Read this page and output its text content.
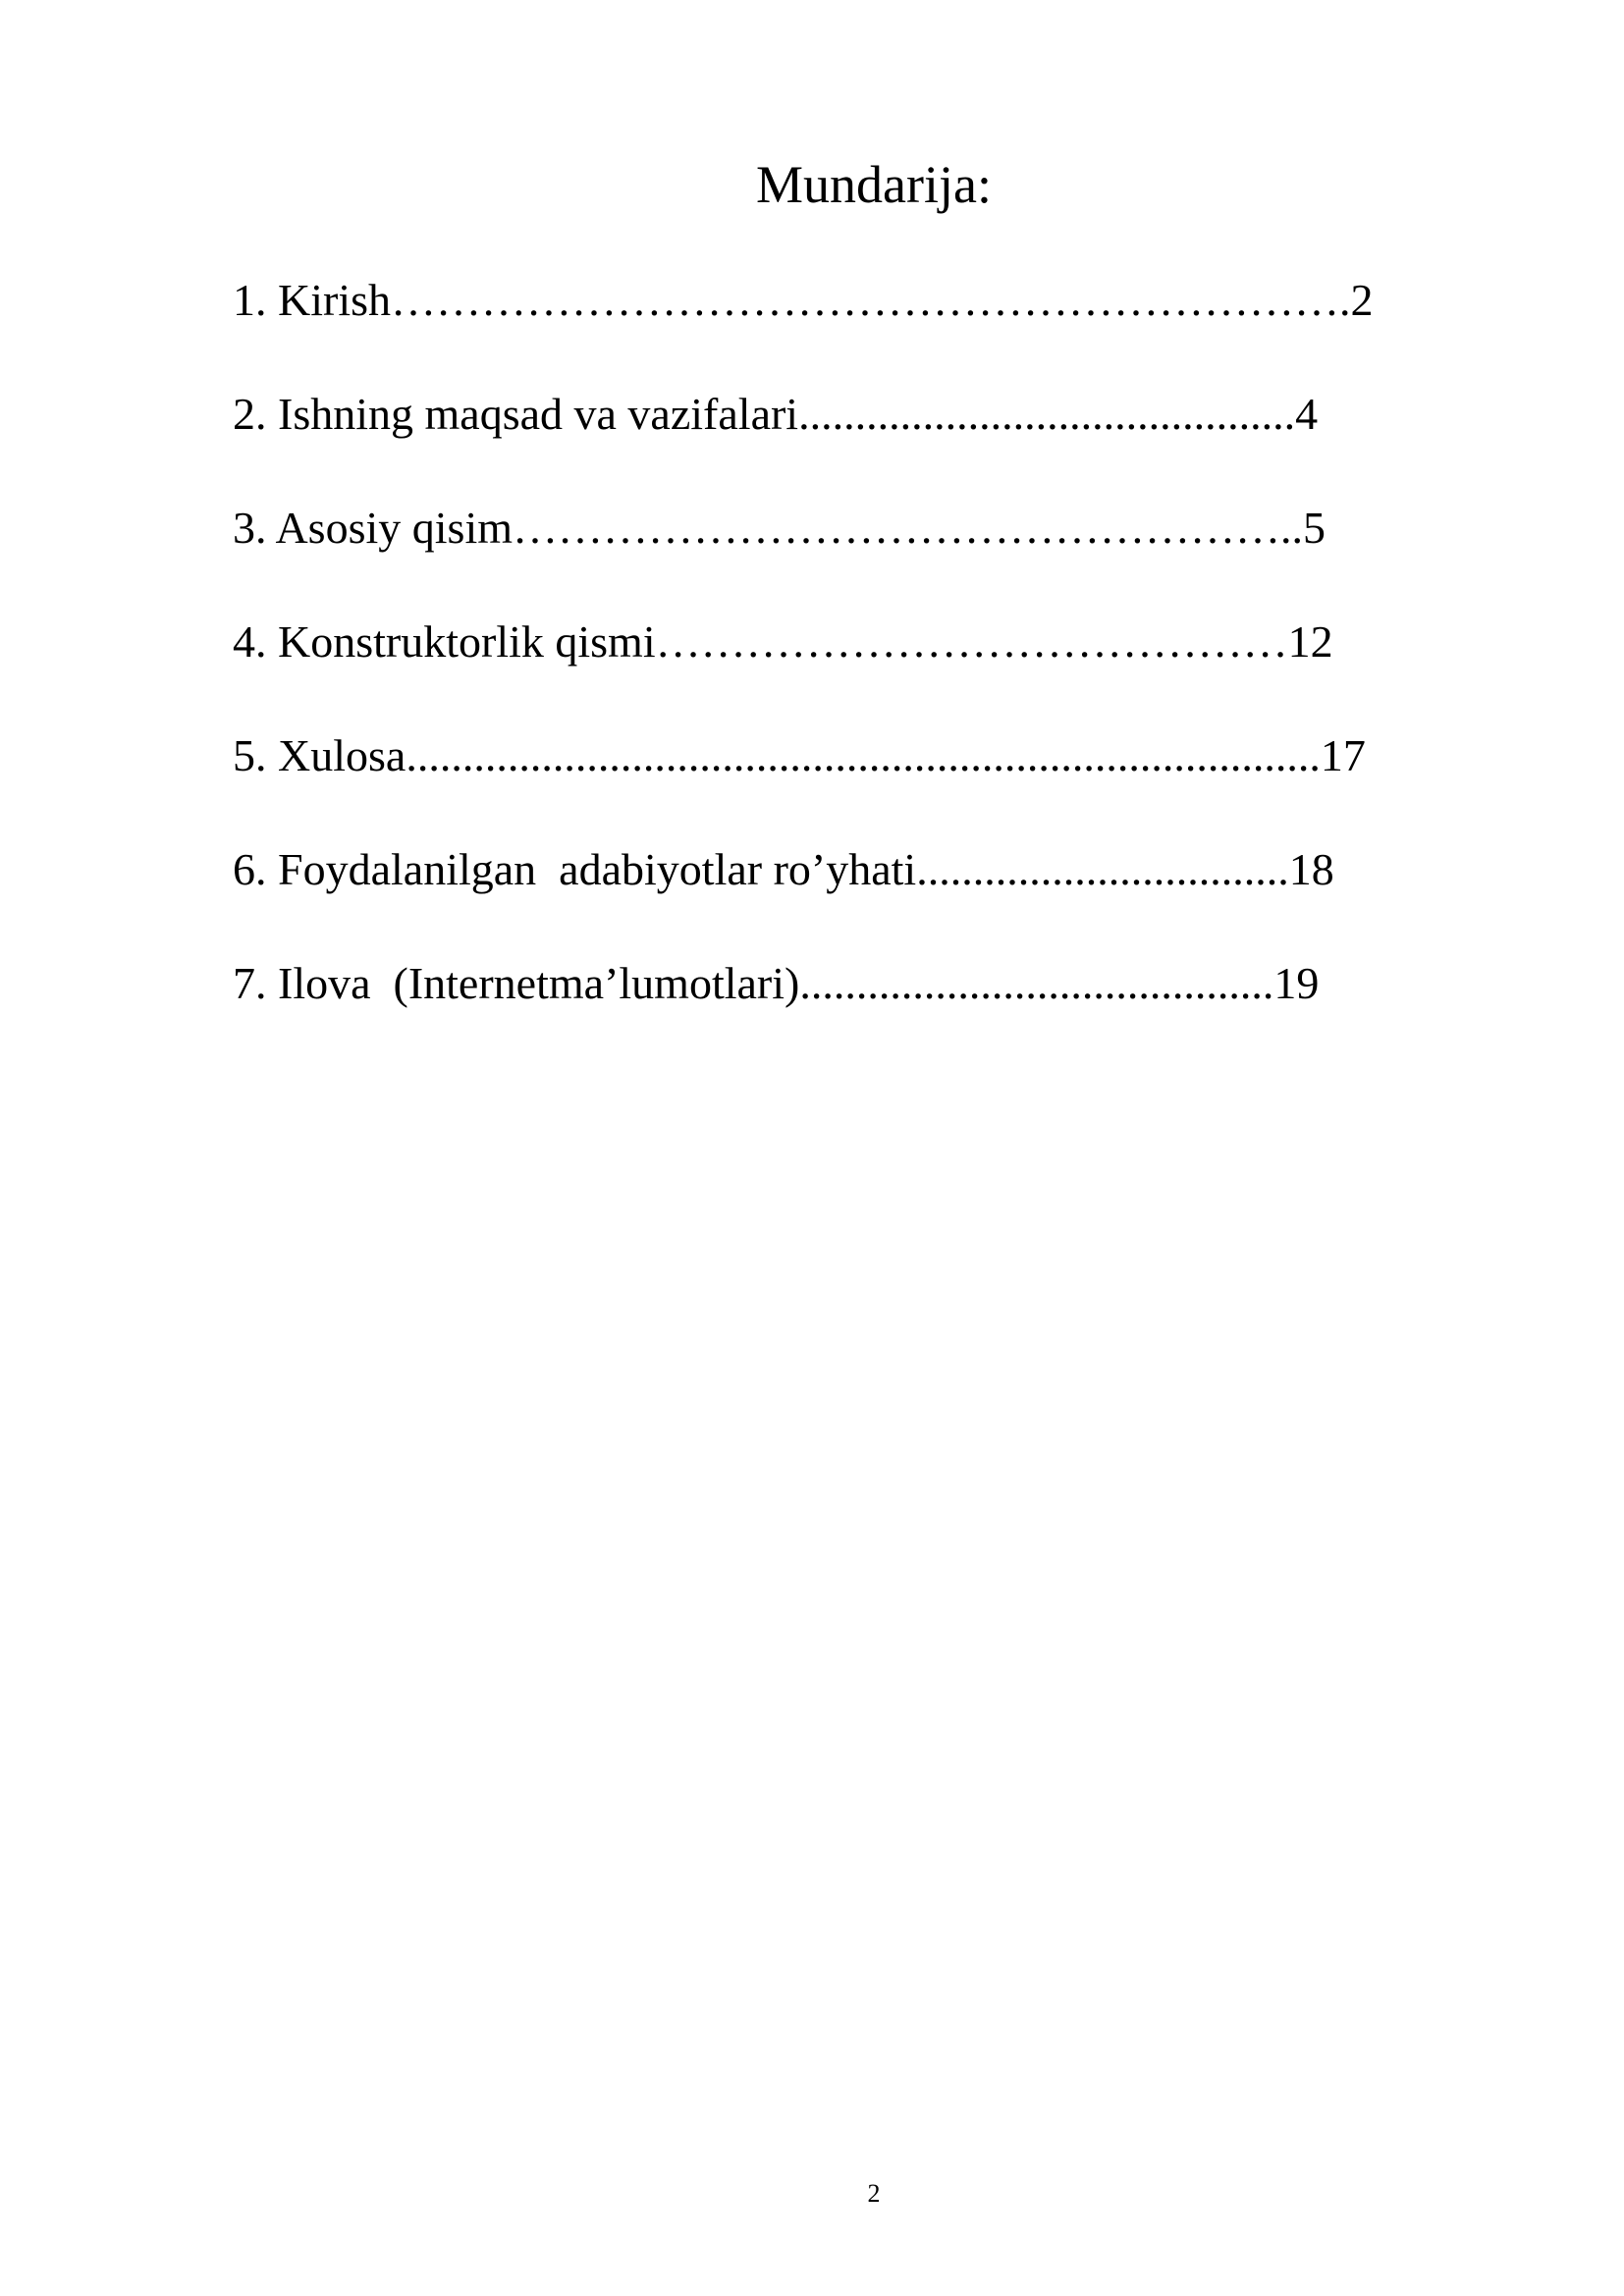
Mundarija:
1. Kirish……………………………………………………….2
2. Ishning maqsad va vazifalari............................................4
3. Asosiy qisim……………………………………………..5
4. Konstruktorlik qismi……………………………………12
5. Xulosa.................................................................................17
6. Foydalanilgan  adabiyotlar ro’yhati.................................18
7. Ilova  (Internetma’lumotlari)..........................................19
2
